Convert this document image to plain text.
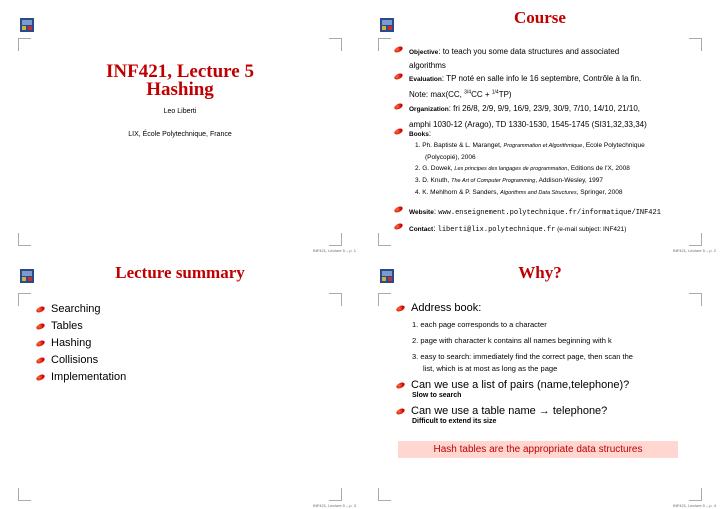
INF421, Lecture 5
Hashing
Leo Liberti
LIX, École Polytechnique, France
INF421, Lecture 5 – p. 1
Course
Objective: to teach you some data structures and associated
algorithms
Evaluation: TP noté en salle info le 16 septembre, Contrôle à la fin.
Note: max(CC, $^{3/4}$CC + $^{1/4}$TP)
Organization: fri 26/8, 2/9, 9/9, 16/9, 23/9, 30/9, 7/10, 14/10, 21/10,
amphi 1030-12 (Arago), TD 1330-1530, 1545-1745 (SI31,32,33,34)
Books:
1. Ph. Baptiste & L. Maranget, Programmation et Algorithmique, Ecole Polytechnique
(Polycopié), 2006
2. G. Dowek, Les principes des langages de programmation, Editions de l'X, 2008
3. D. Knuth, The Art of Computer Programming, Addison-Wesley, 1997
4. K. Mehlhorn & P. Sanders, Algorithms and Data Structures, Springer, 2008
Website: www.enseignement.polytechnique.fr/informatique/INF421
Contact: liberti@lix.polytechnique.fr (e-mail subject: INF421)
INF421, Lecture 5 – p. 2
Lecture summary
Searching
Tables
Hashing
Collisions
Implementation
INF421, Lecture 5 – p. 3
Why?
Address book:
1. each page corresponds to a character
2. page with character k contains all names beginning with k
3. easy to search: immediately find the correct page, then scan the
list, which is at most as long as the page
Can we use a list of pairs (name,telephone)?
Slow to search
Can we use a table name → telephone?
Difficult to extend its size
INF421, Lecture 5 – p. 4
Hash tables are the appropriate data structures
